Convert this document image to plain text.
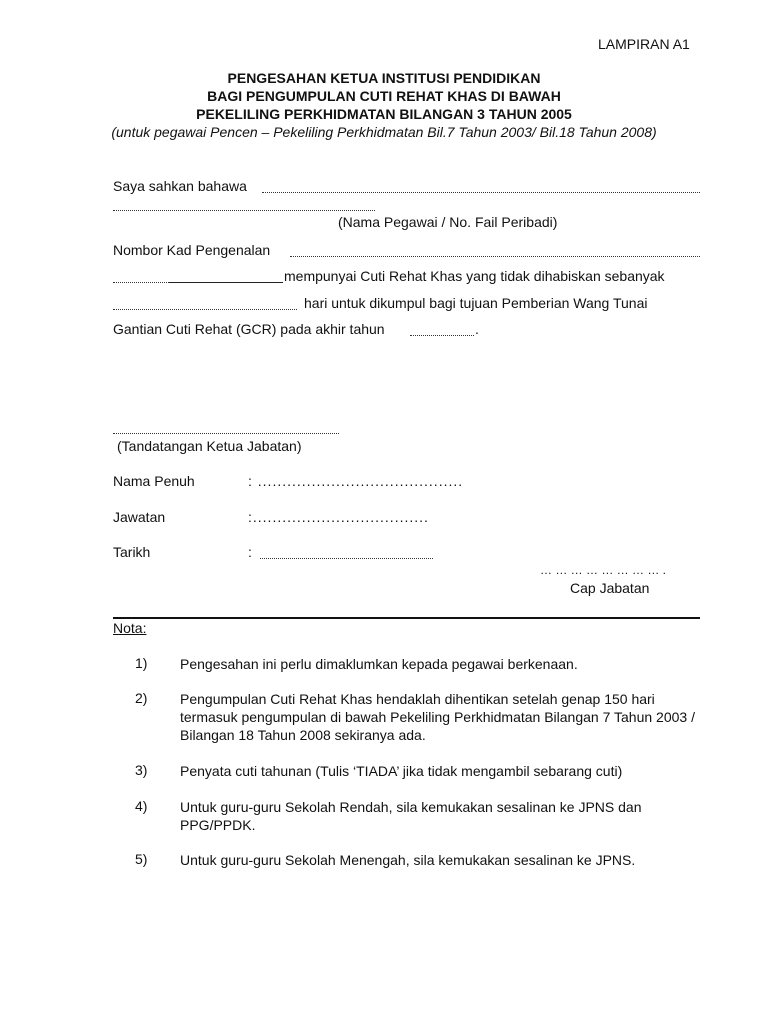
LAMPIRAN A1
PENGESAHAN KETUA INSTITUSI PENDIDIKAN
BAGI PENGUMPULAN CUTI REHAT KHAS DI BAWAH
PEKELILING PERKHIDMATAN BILANGAN 3 TAHUN 2005
(untuk pegawai Pencen – Pekeliling Perkhidmatan Bil.7 Tahun 2003/ Bil.18 Tahun 2008)
Saya sahkan bahawa
(Nama Pegawai / No. Fail Peribadi)
Nombor Kad Pengenalan
mempunyai Cuti Rehat Khas yang tidak dihabiskan sebanyak
hari untuk dikumpul bagi tujuan Pemberian Wang Tunai
Gantian Cuti Rehat (GCR) pada akhir tahun	.
(Tandatangan Ketua Jabatan)
Nama Penuh	: ..........................................
Jawatan	:....................................
Tarikh	:
… … … … … … … … .
Cap Jabatan
Nota:
1) Pengesahan ini perlu dimaklumkan kepada pegawai berkenaan.
2) Pengumpulan Cuti Rehat Khas hendaklah dihentikan setelah genap 150 hari termasuk pengumpulan di bawah Pekeliling Perkhidmatan Bilangan 7 Tahun 2003 / Bilangan 18 Tahun 2008 sekiranya ada.
3) Penyata cuti tahunan (Tulis ‘TIADA’ jika tidak mengambil sebarang cuti)
4) Untuk guru-guru Sekolah Rendah, sila kemukakan sesalinan ke JPNS dan PPG/PPDK.
5) Untuk guru-guru Sekolah Menengah, sila kemukakan sesalinan ke JPNS.
